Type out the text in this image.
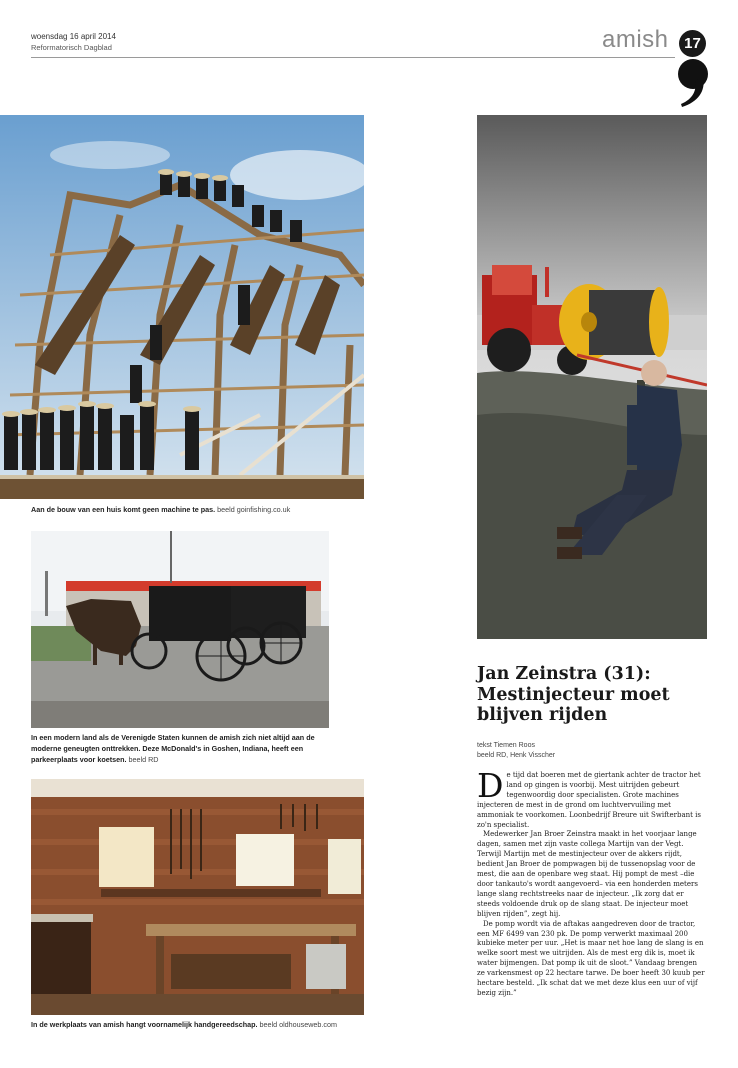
woensdag 16 april 2014
Reformatorisch Dagblad	amish	17
Aan de bouw van een huis komt geen machine te pas. beeld goinfishing.co.uk
In een modern land als de Verenigde Staten kunnen de amish zich niet altijd aan de moderne geneugten onttrekken. Deze McDonald's in Goshen, Indiana, heeft een parkeerplaats voor koetsen. beeld RD
In de werkplaats van amish hangt voornamelijk handgereedschap. beeld oldhouseweb.com
Jan Zeinstra (31): Mestinjecteur moet blijven rijden
tekst Tiemen Roos
beeld RD, Henk Visscher

De tijd dat boeren met de giertank achter de tractor het land op gingen is voorbij. Mest uitrijden gebeurt tegenwoordig door specialisten. Grote machines injecteren de mest in de grond om luchtvervuiling met ammoniak te voorkomen. Loonbedrijf Breure uit Swifterbant is zo'n specialist.

Medewerker Jan Broer Zeinstra maakt in het voorjaar lange dagen, samen met zijn vaste collega Martijn van der Vegt. Terwijl Martijn met de mestinjecteur over de akkers rijdt, bedient Jan Broer de pompwagen bij de tussenopslag voor de mest, die aan de openbare weg staat. Hij pompt de mest –die door tankauto's wordt aangevoerd– via een honderden meters lange slang rechtstreeks naar de injecteur. „Ik zorg dat er steeds voldoende druk op de slang staat. De injecteur moet blijven rijden”, zegt hij.

De pomp wordt via de aftakas aangedreven door de tractor, een MF 6499 van 230 pk. De pomp verwerkt maximaal 200 kubieke meter per uur. „Het is maar net hoe lang de slang is en welke soort mest we uitrijden. Als de mest erg dik is, moet ik water bijmengen. Dat pomp ik uit de sloot.” Vandaag brengen ze varkensmest op 22 hectare tarwe. De boer heeft 30 kuub per hectare besteld. „Ik schat dat we met deze klus een uur of vijf bezig zijn.”
